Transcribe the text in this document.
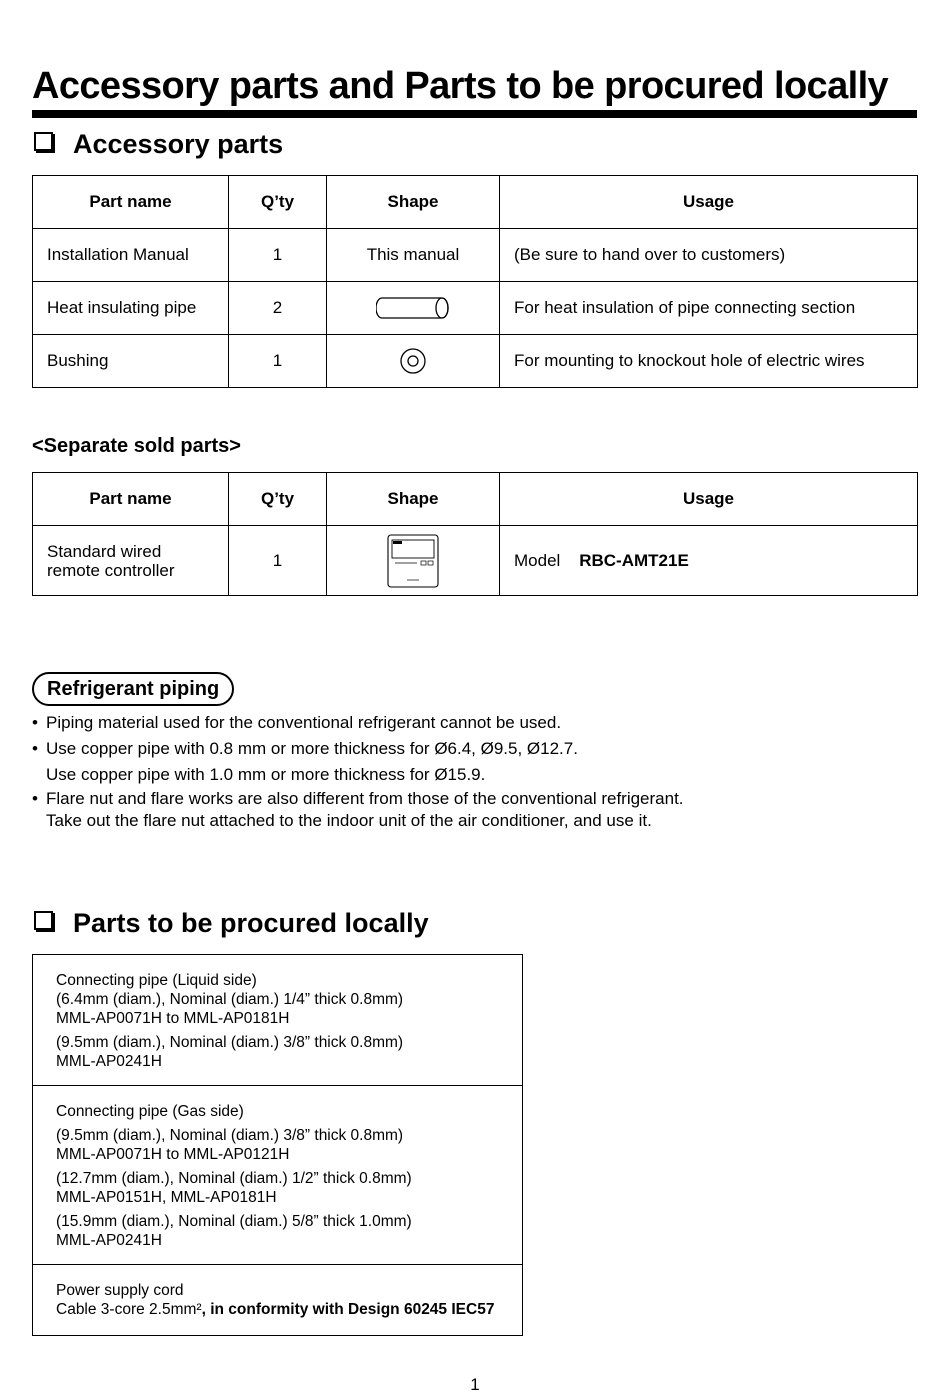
Accessory parts and Parts to be procured locally
Accessory parts
Part name	Q’ty	Shape	Usage
Installation Manual	1	This manual	(Be sure to hand over to customers)
Heat insulating pipe	2		For heat insulation of pipe connecting section
Bushing	1		For mounting to knockout hole of electric wires
<Separate sold parts>
Part name	Q’ty	Shape	Usage

Standard wired
remote controller	1		Model RBC-AMT21E
Refrigerant piping
• Piping material used for the conventional refrigerant cannot be used.
• Use copper pipe with 0.8 mm or more thickness for Ø6.4, Ø9.5, Ø12.7.
Use copper pipe with 1.0 mm or more thickness for Ø15.9.
• Flare nut and flare works are also different from those of the conventional refrigerant.
Take out the flare nut attached to the indoor unit of the air conditioner, and use it.
Parts to be procured locally
Connecting pipe (Liquid side)
(6.4mm (diam.), Nominal (diam.) 1/4” thick 0.8mm)
MML-AP0071H to MML-AP0181H
(9.5mm (diam.), Nominal (diam.) 3/8” thick 0.8mm)
MML-AP0241H
Connecting pipe (Gas side)
(9.5mm (diam.), Nominal (diam.) 3/8” thick 0.8mm)
MML-AP0071H to MML-AP0121H
(12.7mm (diam.), Nominal (diam.) 1/2” thick 0.8mm)
MML-AP0151H, MML-AP0181H
(15.9mm (diam.), Nominal (diam.) 5/8” thick 1.0mm)
MML-AP0241H
Power supply cord
Cable 3-core 2.5mm², in conformity with Design 60245 IEC57
1
